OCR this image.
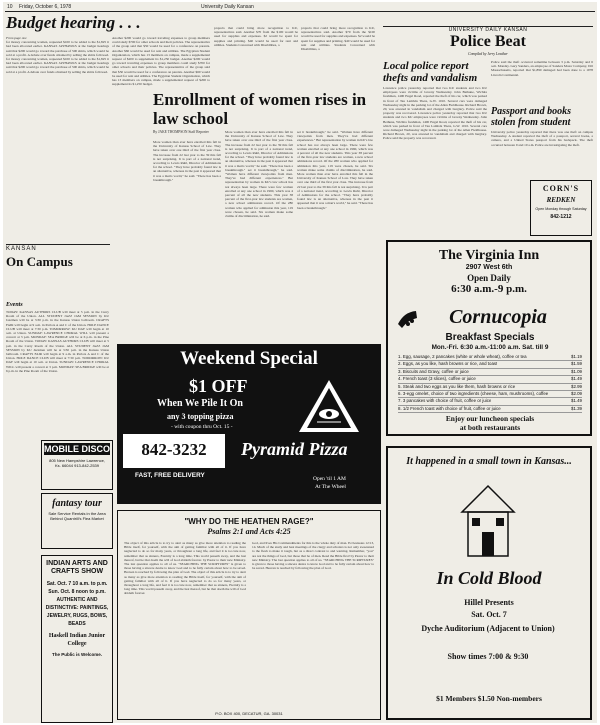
10 Friday, October 6, 1978	University Daily Kansan
Budget hearing . . .
From page one
for money concerning women, requested $100 to be added to the $1,825 it had been allocated earlier. KANSAS JAYHAWKS at the budget hearings said that $200 would go toward the purchase of 500 shirts, which would be sold at a profit. A debate over funds obtained by selling the shirts followed. for money concerning women, requested $100 to be added to the $1,825 it had been allocated earlier. KANSAS JAYHAWKS at the budget hearings said that $200 would go toward the purchase of 500 shirts, which would be sold at a profit. A debate over funds obtained by selling the shirts followed.
Another $200 would go toward traveling expenses to group members could study $700 for other schools and their policies. The representative of the group said that $50 would be used for a conference on parents. Another $60 would be used for rent and utilities. The Egyptian Student Organization, which has 13 members on campus, made a supplemental request of $200 to supplement its $1,250 budget. Another $200 would go toward traveling expenses to group members could study $700 for other schools and their policies. The representative of the group said that $50 would be used for a conference on parents. Another $60 would be used for rent and utilities. The Egyptian Student Organization, which has 13 members on campus, made a supplemental request of $200 to supplement its $1,250 budget.
projects that could bring more recognition to KU, representatives said. Another $70 from the $100 would be used for supplies and expenses. $2 would be spent for supplies and printing. $40 would be used for rent and utilities. Students Concerned with Disabilities, a
projects that could bring more recognition to KU, representatives said. Another $70 from the $100 would be used for supplies and expenses. $2 would be spent for supplies and printing. $40 would be used for rent and utilities. Students Concerned with Disabilities, a
KANSAN
On Campus
Events
TODAY: KANSAS AUTHORS CLUB will meet at 5 p.m. in the Curry Room of the Union. ALL STUDENT JAZZ JAM SESSION by KU Jazzmen will be at 3:30 p.m. in the Kansas Union ballroom. CRAFTS FAIR will begin at 9 a.m. in Parlors A and C of the Union. HOLE DANCE CLUB will meet at 7:30 p.m. TOMORROW: KU DAY will begin at 10 a.m. at Union. SUNDAY: LAWRENCE CHORAL WILL will present a concert at 3 p.m. MONDAY: SEA BRIDGE will be at 6 p.m. in the Pine Room of the Union. TODAY: KANSAS AUTHORS CLUB will meet at 5 p.m. in the Curry Room of the Union. ALL STUDENT JAZZ JAM SESSION by KU Jazzmen will be at 3:30 p.m. in the Kansas Union ballroom. CRAFTS FAIR will begin at 9 a.m. in Parlors A and C of the Union. HOLE DANCE CLUB will meet at 7:30 p.m. TOMORROW: KU DAY will begin at 10 a.m. at Union. SUNDAY: LAWRENCE CHORAL WILL will present a concert at 3 p.m. MONDAY: SEA BRIDGE will be at 6 p.m. in the Pine Room of the Union.
MOBILE DISCO
805 New Hampshire Lawrence, Ks. 66044 913-842-2539
fantasy tour
Sale Service Rentals in the Area Behind Quantrill's Flea Market
INDIAN ARTS AND CRAFTS SHOW
Sat. Oct. 7 10 a.m. to p.m. Sun. Oct. 8 noon to p.m. AUTHENTIC AND DISTINCTIVE: PAINTINGS, JEWELRY, RUGS, BOWS, BEADS
Haskell Indian Junior College
The Public is Welcome.
Enrollment of women rises in law school
By JAKE THOMPSON Staff Reporter
More women than ever have enrolled this fall in the University of Kansas School of Law. They have taken over one third of the first year class. The increase from 22 last year to the 39 this fall is not surprising. It is part of a national trend, according to Lewis Ruhl, Director of Admissions for the school. "They have probably found law is an alternative, whereas in the past it appeared that it was a man's world," he said. "There has been a breakthrough."
More women than ever have enrolled this fall in the University of Kansas School of Law. They have taken over one third of the first year class. The increase from 22 last year to the 39 this fall is not surprising. It is part of a national trend, according to Lewis Ruhl, Director of Admissions for the school. "They have probably found law is an alternative, whereas in the past it appeared that it was a man's world," he said. "There has been a breakthrough." set it breakthrough," he said. "Women have different viewpoints from men. They've had different experiences." But representation by women in KU's law school has not always been large. There were few women enrolled at any one school in 1960, which was 4 percent of all the new students. This year 38 percent of the first-year law students are women, a new school admissions record. Of the 280 women who applied for admission this year, 119 were chosen, he said. Six women make some claims of discrimination, he said.
set it breakthrough," he said. "Women have different viewpoints from men. They've had different experiences." But representation by women in KU's law school has not always been large. There were few women enrolled at any one school in 1960, which was 4 percent of all the new students. This year 38 percent of the first-year law students are women, a new school admissions record. Of the 280 women who applied for admission this year, 119 were chosen, he said. Six women make some claims of discrimination, he said. More women than ever have enrolled this fall in the University of Kansas School of Law. They have taken over one third of the first year class. The increase from 22 last year to the 39 this fall is not surprising. It is part of a national trend, according to Lewis Ruhl, Director of Admissions for the school. "They have probably found law is an alternative, whereas in the past it appeared that it was a man's world," he said. "There has been a breakthrough."
UNIVERSITY DAILY KANSAN
Police Beat
Compiled by Jerry Lowther
Local police report thefts and vandalism
Lawrence police yesterday reported that two KU students and two KU employees were victims of larceny Wednesday. John Bethune, Wichita freshman, 1400 Engel Road, reported the theft of his car, which was parked in front of Tau Lambda Theta, G.W. 1010. Several cars were damaged Wednesday night in the parking lot of the Allen Fieldhouse. Richard Brown, 20, was arrested in vandalism and charged with burglary. Police said the property was recovered. Lawrence police yesterday reported that two KU students and two KU employees were victims of larceny Wednesday. John Bethune, Wichita freshman, 1400 Engel Road, reported the theft of his car, which was parked in front of Tau Lambda Theta, G.W. 1010. Several cars were damaged Wednesday night in the parking lot of the Allen Fieldhouse. Richard Brown, 20, was arrested in vandalism and charged with burglary. Police said the property was recovered.
Police said the theft occurred sometime between 3 p.m. Saturday and 6 a.m. Monday. Gary Sanders, an employee of Sanders Motor Company, 916 Massachusetts, reported that $1,890 damaged had been done to a 1978 Lincoln Continental.
Passport and books stolen from student
University police yesterday reported that there was one theft on campus Wednesday. A student reported the theft of a passport, several books, a camera, and a United States passport from his backpack. The theft occurred between 9 and 10 a.m. Police are investigating the theft.
CORN'S
REDKEN
Open Monday through Saturday
842-1212
The Virginia Inn
2907 West 6th
Open Daily
6:30 a.m.-9 p.m.
Cornucopia
Breakfast Specials
Mon.-Fri. 6:30 a.m.-11:00 a.m. Sat. till 9
1. Egg, sausage, 2 pancakes (white or whole wheat), coffee or tea	$1.19
2. Eggs, as you like, hash browns or rice, and toast	$1.59
3. Biscuits and Gravy, coffee or juice	$1.09
4. French toast (3 slices), coffee or juice	$1.49
5. Steak and two eggs as you like them, hash browns or rice	$2.99
6. 3-egg omelet, choice of two ingredients (cheese, ham, mushrooms), coffee	$2.09
7. 3 pancakes with choice of fruit, coffee or juice	$1.49
8. 1/2 French toast with choice of fruit, coffee or juice	$1.39
Enjoy our luncheon specials
at both restaurants
Weekend Special
$1 OFF
When We Pile It On
any 3 topping pizza
- with coupon thru Oct. 15 -
842-3232
FAST, FREE DELIVERY
Pyramid Pizza
Open 'til 1 AM
At The Wheel
"WHY DO THE HEATHEN RAGE?"
Psalms 2:1 and Acts 4:25
The object of this article is to try to alert as many as give more attention to reading the Bible itself, for yourself, with the aim of getting familiar with all of it. If you have neglected to do so for many years, or throughout a long life, and feel it is too late now, remember that as sinners, Eternity is a long time. This world passeth away, and the lust thereof, but he that doeth the will of God abideth forever. by Pastor to their new Ministry. The last question applies to all of us. "SEARCHING THE SCRIPTURES" is given to those having a sincere desire to know God and to be fully certain about how to be saved. Heaven is reached by following the plan of God. The object of this article is to try to alert as many as give more attention to reading the Bible itself, for yourself, with the aim of getting familiar with all of it. If you have neglected to do so for many years, or throughout a long life, and feel it is too late now, remember that as sinners, Eternity is a long time. This world passeth away, and the lust thereof, but he that doeth the will of God abideth forever.
God, and lives His Commandments for this is the whole duty of man. Ecclesiastes 12:13, 14. Much of the study and best meetings of the clergy and scholars is not only sweetened to the flesh to make it tough, but as a direct contrast to and warning. Remember, "you" are not the things of God, but those that be of men. Read the Bible first! by Pastor to their new Ministry. The last question applies to all of us. "SEARCHING THE SCRIPTURES" is given to those having a sincere desire to know God and to be fully certain about how to be saved. Heaven is reached by following the plan of God.
P.O. BOX 400, DECATUR, GA. 30031
It happened in a small town in Kansas...
In Cold Blood
Hillel Presents
Sat. Oct. 7
Dyche Auditorium (Adjacent to Union)
Show times 7:00 & 9:30
$1 Members $1.50 Non-members
